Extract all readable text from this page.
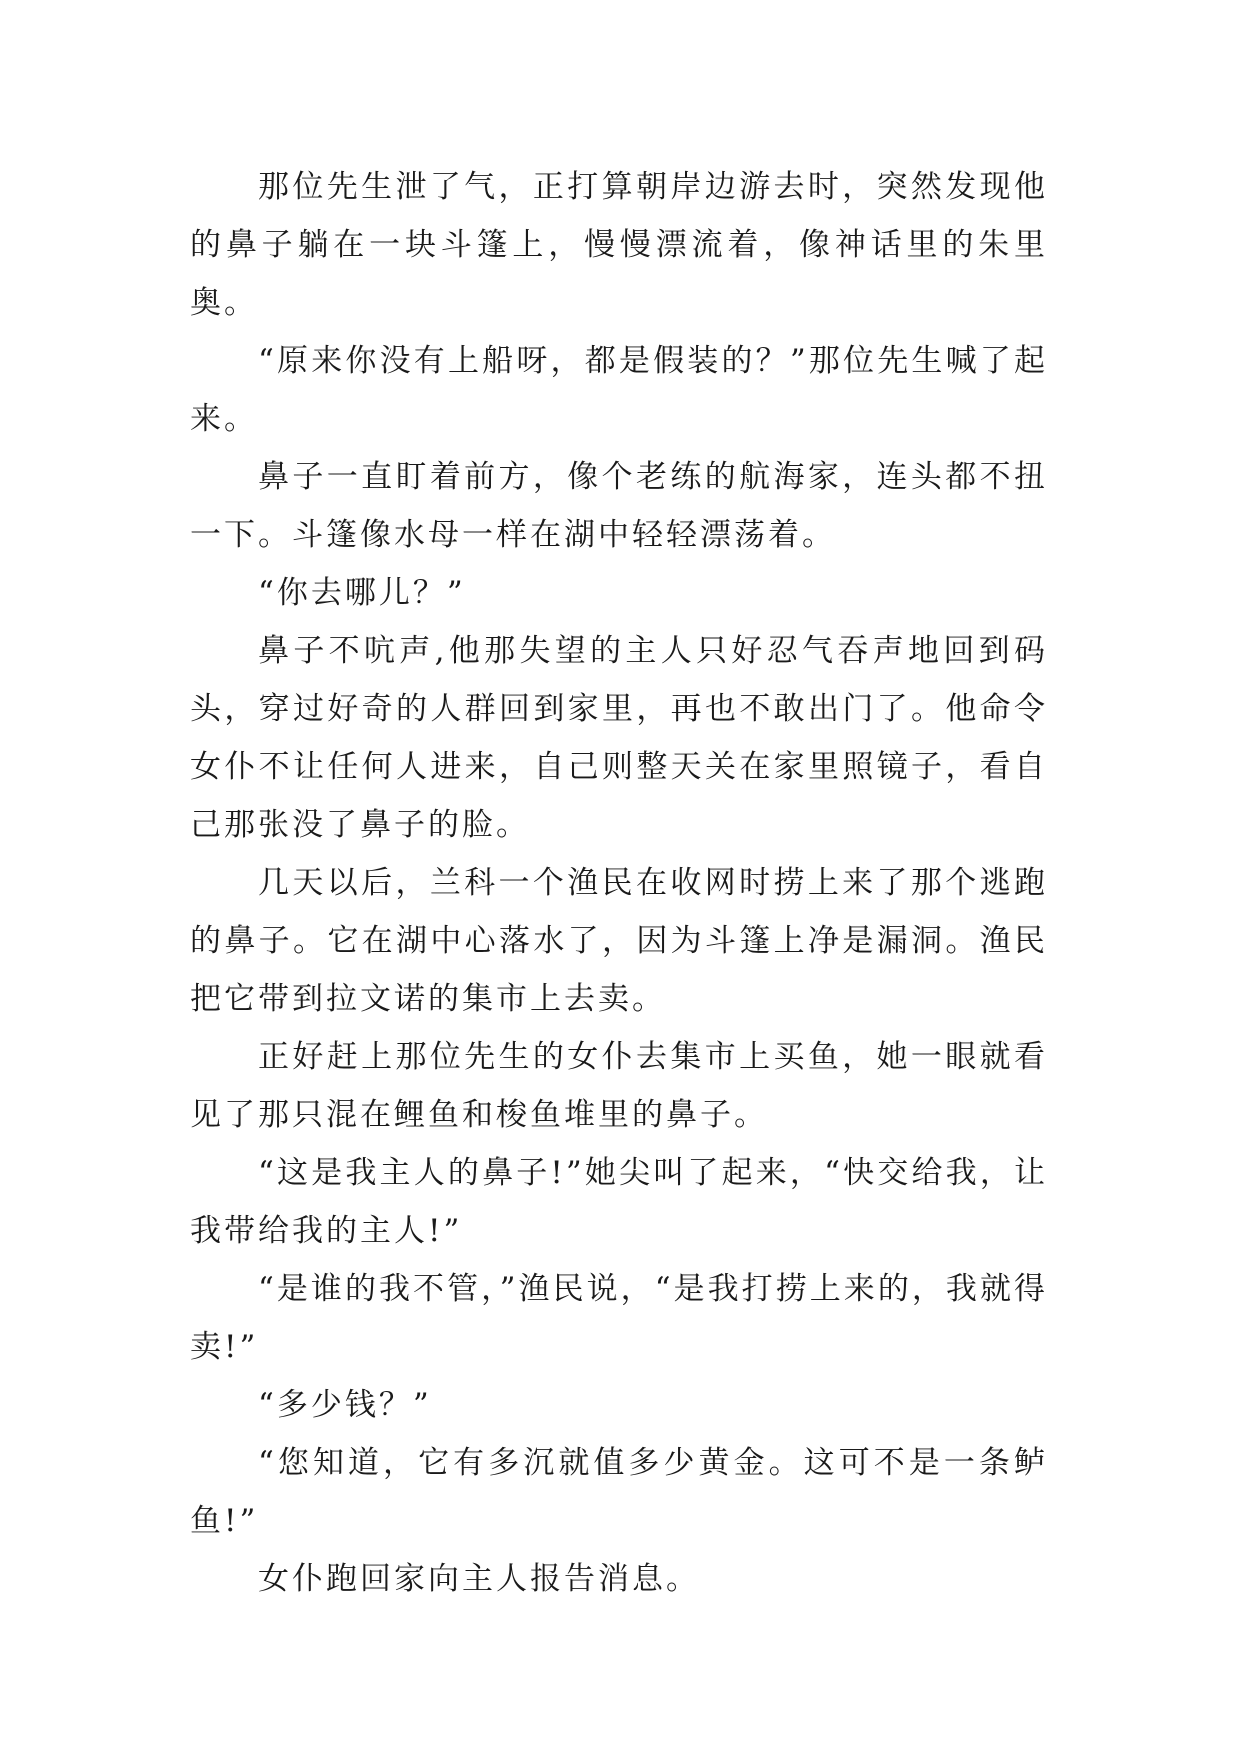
那位先生泄了气，正打算朝岸边游去时，突然发现他的鼻子躺在一块斗篷上，慢慢漂流着，像神话里的朱里奥。

“原来你没有上船呀，都是假装的？”那位先生喊了起来。

鼻子一直盯着前方，像个老练的航海家，连头都不扭一下。斗篷像水母一样在湖中轻轻漂荡着。

“你去哪儿？”

鼻子不吭声,他那失望的主人只好忍气吞声地回到码头，穿过好奇的人群回到家里，再也不敢出门了。他命令女仆不让任何人进来，自己则整天关在家里照镜子，看自己那张没了鼻子的脸。

几天以后，兰科一个渔民在收网时捞上来了那个逃跑的鼻子。它在湖中心落水了，因为斗篷上净是漏洞。渔民把它带到拉文诺的集市上去卖。

正好赶上那位先生的女仆去集市上买鱼，她一眼就看见了那只混在鲤鱼和梭鱼堆里的鼻子。

“这是我主人的鼻子!”她尖叫了起来，“快交给我，让我带给我的主人!”

“是谁的我不管，”渔民说，“是我打捞上来的，我就得卖!”

“多少钱？”

“您知道，它有多沉就值多少黄金。这可不是一条鲈鱼!”

女仆跑回家向主人报告消息。
